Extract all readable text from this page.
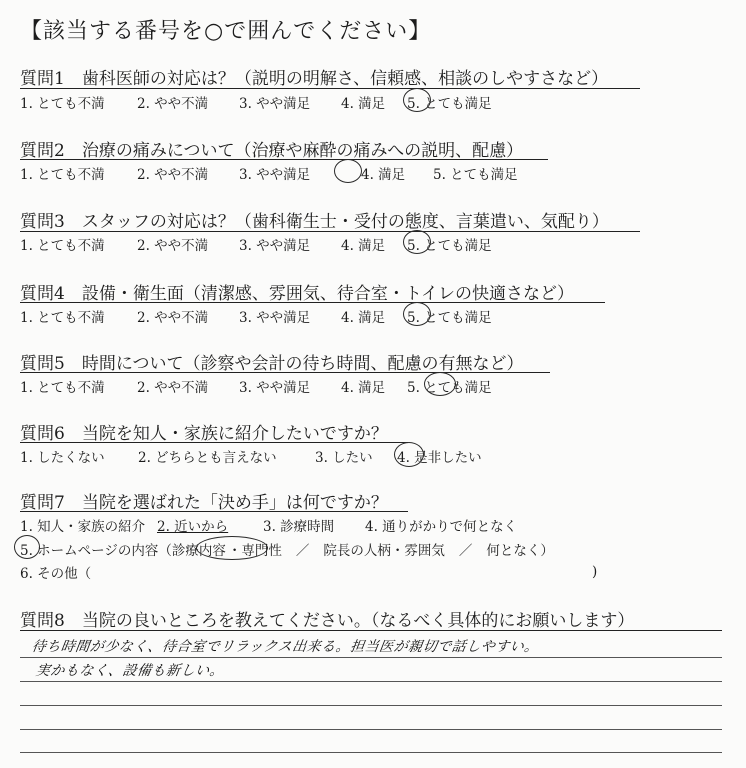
【該当する番号を○で囲んでください】
質問1　歯科医師の対応は？（説明の明解さ、信頼感、相談のしやすさなど）
1. とても不満 2. やや不満 3. やや満足 4. 満足 5. とても満足
質問2　治療の痛みについて（治療や麻酔の痛みへの説明、配慮）
1. とても不満 2. やや不満 3. やや満足	4. 満足 5. とても満足
質問3　スタッフの対応は？（歯科衛生士・受付の態度、言葉遣い、気配り）
1. とても不満 2. やや不満 3. やや満足 4. 満足 5. とても満足
質問4　設備・衛生面（清潔感、雰囲気、待合室・トイレの快適さなど）
1. とても不満 2. やや不満 3. やや満足 4. 満足 5. とても満足
質問5　時間について（診察や会計の待ち時間、配慮の有無など）
1. とても不満 2. やや不満 3. やや満足 4. 満足 5. とても満足
質問6　当院を知人・家族に紹介したいですか？
1. したくない 2. どちらとも言えない	3. したい 4. 是非したい
質問7　当院を選ばれた「決め手」は何ですか？
1. 知人・家族の紹介 2. 近いから	3. 診療時間 4. 通りがかりで何となく
5. ホームページの内容（診療内容 ・専門性 ／ 院長の人柄・雰囲気 ／ 何となく）
6. その他（	)
質問8　当院の良いところを教えてください。（なるべく具体的にお願いします）
待ち時間が少なく、待合室でリラックス出来る。担当医が親切で話しやすい。
実かもなく、設備も新しい。
